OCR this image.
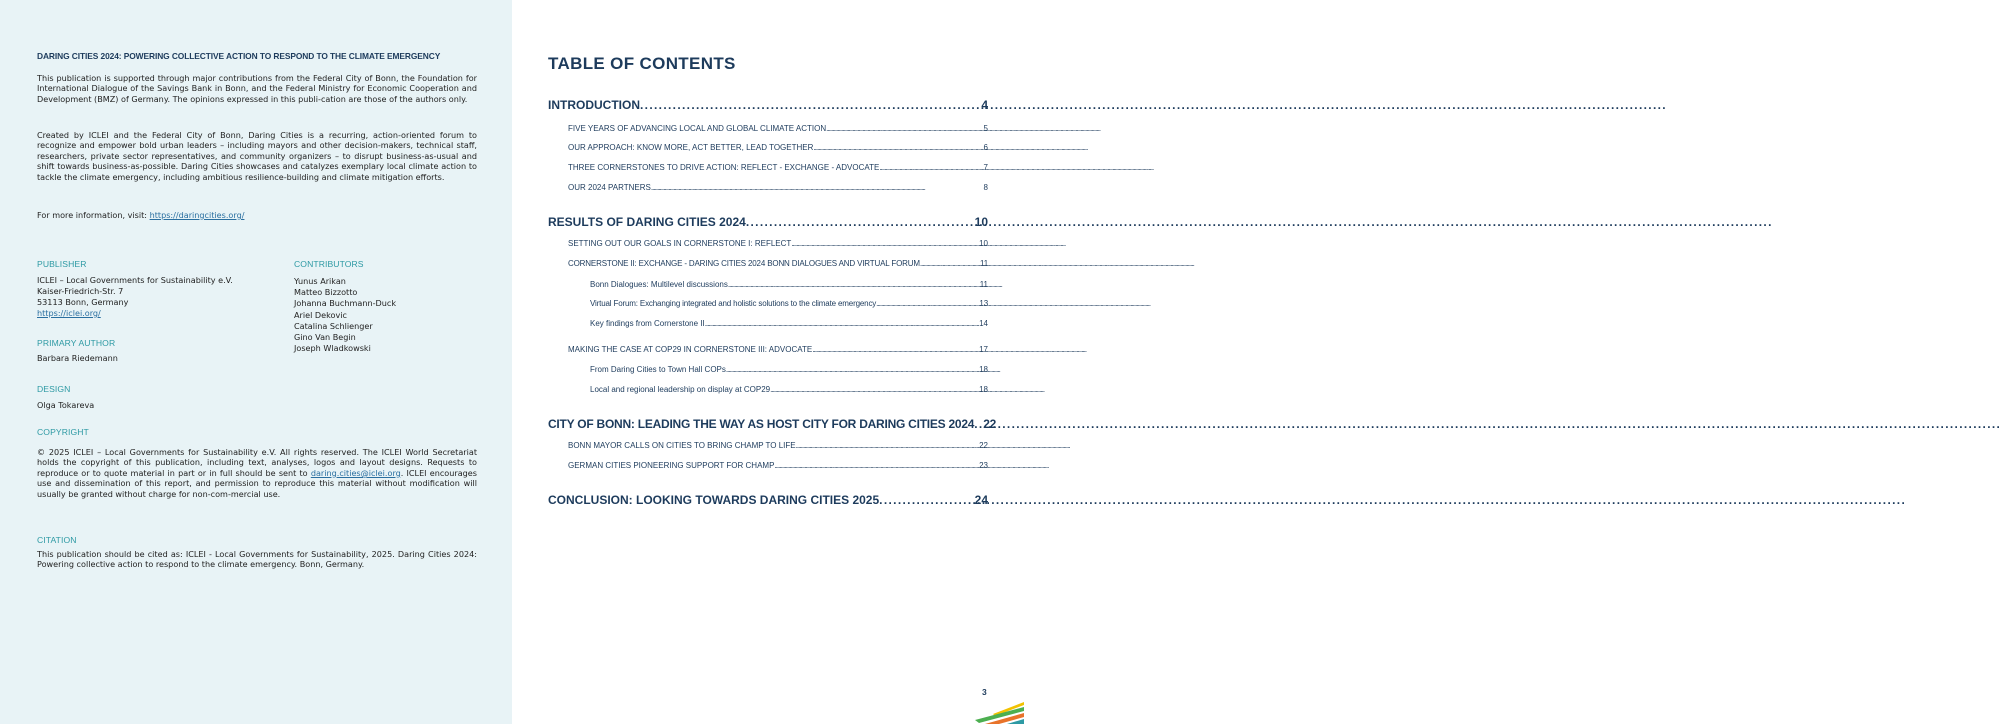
DARING CITIES 2024: POWERING COLLECTIVE ACTION TO RESPOND TO THE CLIMATE EMERGENCY

This publication is supported through major contributions from the Federal City of Bonn, the Foundation for International Dialogue of the Savings Bank in Bonn, and the Federal Ministry for Economic Cooperation and Development (BMZ) of Germany. The opinions expressed in this publi-cation are those of the authors only.

Created by ICLEI and the Federal City of Bonn, Daring Cities is a recurring, action-oriented forum to recognize and empower bold urban leaders – including mayors and other decision-makers, technical staff, researchers, private sector representatives, and community organizers – to disrupt business-as-usual and shift towards business-as-possible. Daring Cities showcases and catalyzes exemplary local climate action to tackle the climate emergency, including ambitious resilience-building and climate mitigation efforts.

For more information, visit: https://daringcities.org/

PUBLISHER
ICLEI – Local Governments for Sustainability e.V.
Kaiser-Friedrich-Str. 7
53113 Bonn, Germany
https://iclei.org/
CONTRIBUTORS
Yunus Arikan
Matteo Bizzotto
Johanna Buchmann-Duck
Ariel Dekovic
Catalina Schlienger
Gino Van Begin
Joseph Wladkowski
PRIMARY AUTHOR
Barbara Riedemann
DESIGN
Olga Tokareva
COPYRIGHT

© 2025 ICLEI – Local Governments for Sustainability e.V. All rights reserved. The ICLEI World Secretariat holds the copyright of this publication, including text, analyses, logos and layout designs. Requests to reproduce or to quote material in part or in full should be sent to daring.cities@iclei.org. ICLEI encourages use and dissemination of this report, and permission to reproduce this material without modification will usually be granted without charge for non-com-mercial use.

CITATION

This publication should be cited as: ICLEI - Local Governments for Sustainability, 2025. Daring Cities 2024: Powering collective action to respond to the climate emergency. Bonn, Germany.

TABLE OF CONTENTS
INTRODUCTION . . .	4
FIVE YEARS OF ADVANCING LOCAL AND GLOBAL CLIMATE ACTION . . .	5
OUR APPROACH: KNOW MORE, ACT BETTER, LEAD TOGETHER . . .	6
THREE CORNERSTONES TO DRIVE ACTION: REFLECT - EXCHANGE - ADVOCATE . . .	7
OUR 2024 PARTNERS . . .	8
RESULTS OF DARING CITIES 2024 . . .	10
SETTING OUT OUR GOALS IN CORNERSTONE I: REFLECT . . .	10
CORNERSTONE II: EXCHANGE - DARING CITIES 2024 BONN DIALOGUES AND VIRTUAL FORUM . . .	11
Bonn Dialogues: Multilevel discussions . . .	11
Virtual Forum: Exchanging integrated and holistic solutions to the climate emergency . . .	13
Key findings from Cornerstone II . . .	14
MAKING THE CASE AT COP29 IN CORNERSTONE III: ADVOCATE . . .	17
From Daring Cities to Town Hall COPs . . .	18
Local and regional leadership on display at COP29 . . .	18
CITY OF BONN: LEADING THE WAY AS HOST CITY FOR DARING CITIES 2024 . . . 22
BONN MAYOR CALLS ON CITIES TO BRING CHAMP TO LIFE . . .	22
GERMAN CITIES PIONEERING SUPPORT FOR CHAMP . . .	23
CONCLUSION: LOOKING TOWARDS DARING CITIES 2025 . . .	24
3
